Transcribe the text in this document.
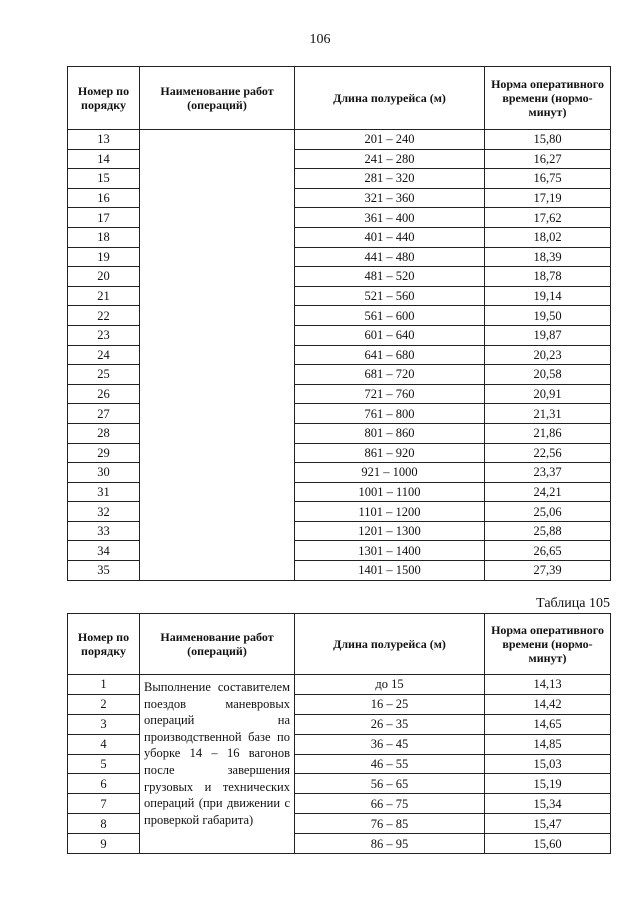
106
Номер по порядку	Наименование работ (операций)	Длина полурейса (м)	Норма оперативного времени (нормо-минут)
13		201 – 240	15,80
14		241 – 280	16,27
15		281 – 320	16,75
16		321 – 360	17,19
17		361 – 400	17,62
18		401 – 440	18,02
19		441 – 480	18,39
20		481 – 520	18,78
21		521 – 560	19,14
22		561 – 600	19,50
23		601 – 640	19,87
24		641 – 680	20,23
25		681 – 720	20,58
26		721 – 760	20,91
27		761 – 800	21,31
28		801 – 860	21,86
29		861 – 920	22,56
30		921 – 1000	23,37
31		1001 – 1100	24,21
32		1101 – 1200	25,06
33		1201 – 1300	25,88
34		1301 – 1400	26,65
35		1401 – 1500	27,39
Таблица 105
Номер по порядку	Наименование работ (операций)	Длина полурейса (м)	Норма оперативного времени (нормо-минут)
1	Выполнение составителем поездов маневровых операций на производственной базе по уборке 14 – 16 вагонов после завершения грузовых и технических операций (при движении с проверкой габарита)	до 15	14,13
2		16 – 25	14,42
3		26 – 35	14,65
4		36 – 45	14,85
5		46 – 55	15,03
6		56 – 65	15,19
7		66 – 75	15,34
8		76 – 85	15,47
9		86 – 95	15,60
